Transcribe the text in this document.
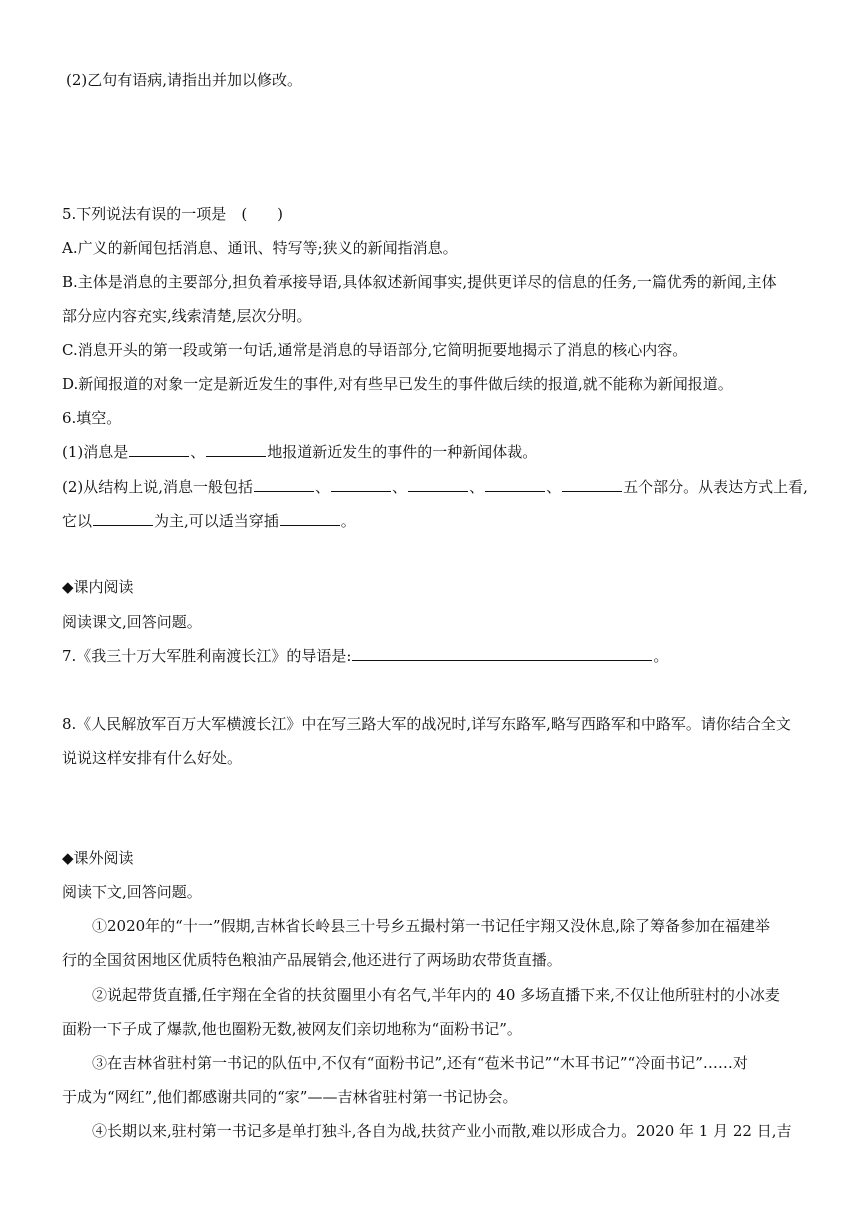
(2)乙句有语病,请指出并加以修改。
5.下列说法有误的一项是　(　　)
A.广义的新闻包括消息、通讯、特写等;狭义的新闻指消息。
B.主体是消息的主要部分,担负着承接导语,具体叙述新闻事实,提供更详尽的信息的任务,一篇优秀的新闻,主体
部分应内容充实,线索清楚,层次分明。
C.消息开头的第一段或第一句话,通常是消息的导语部分,它简明扼要地揭示了消息的核心内容。
D.新闻报道的对象一定是新近发生的事件,对有些早已发生的事件做后续的报道,就不能称为新闻报道。
6.填空。
(1)消息是	、	地报道新近发生的事件的一种新闻体裁。
(2)从结构上说,消息一般包括	、	、	、	、	五个部分。从表达方式上看,
它以	为主,可以适当穿插	。
◆课内阅读
阅读课文,回答问题。
7.《我三十万大军胜利南渡长江》的导语是:	。
8.《人民解放军百万大军横渡长江》中在写三路大军的战况时,详写东路军,略写西路军和中路军。请你结合全文
说说这样安排有什么好处。
◆课外阅读
阅读下文,回答问题。
①2020年的“十一”假期,吉林省长岭县三十号乡五撮村第一书记任宇翔又没休息,除了筹备参加在福建举
行的全国贫困地区优质特色粮油产品展销会,他还进行了两场助农带货直播。
②说起带货直播,任宇翔在全省的扶贫圈里小有名气,半年内的 40 多场直播下来,不仅让他所驻村的小冰麦
面粉一下子成了爆款,他也圈粉无数,被网友们亲切地称为“面粉书记”。
③在吉林省驻村第一书记的队伍中,不仅有“面粉书记”,还有“苞米书记”“木耳书记”“冷面书记”……对
于成为“网红”,他们都感谢共同的“家”——吉林省驻村第一书记协会。
④长期以来,驻村第一书记多是单打独斗,各自为战,扶贫产业小而散,难以形成合力。2020 年 1 月 22 日,吉
